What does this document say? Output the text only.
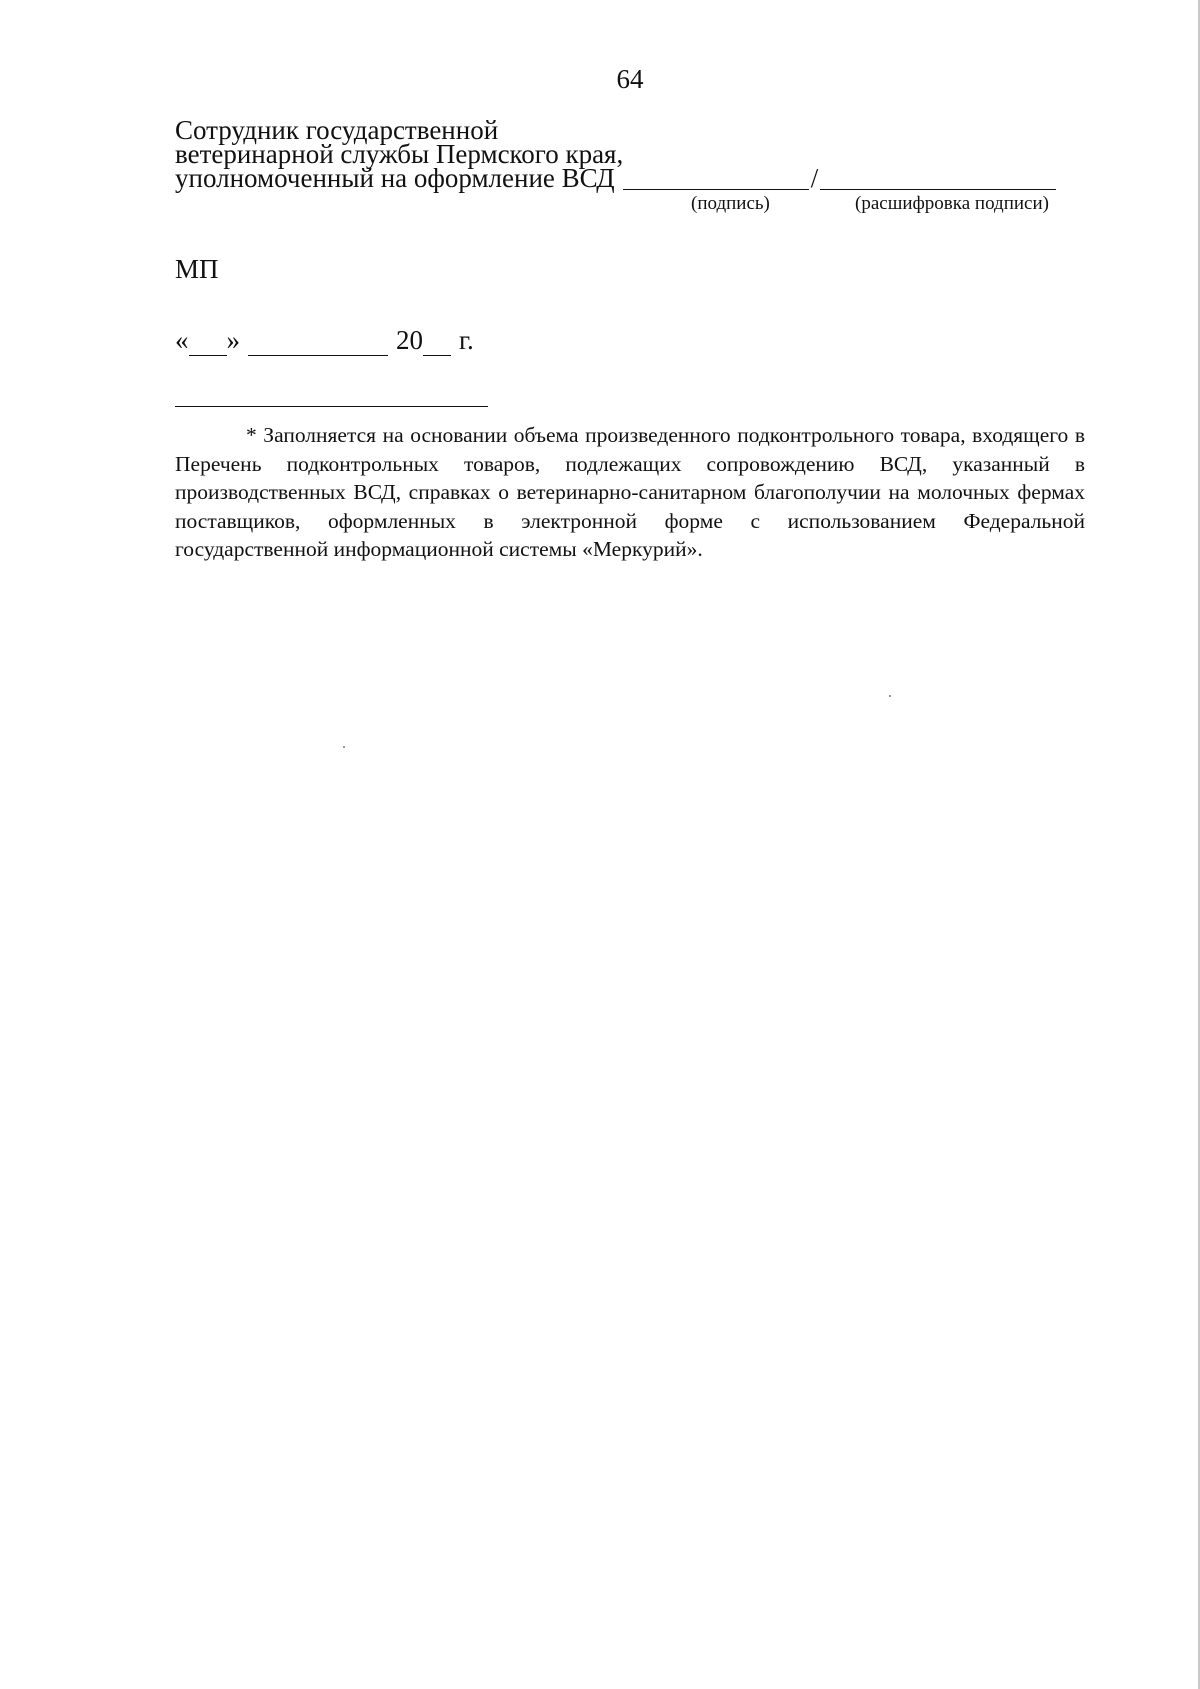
64
Сотрудник государственной
ветеринарной службы Пермского края,
уполномоченный на оформление ВСД	/
(подпись)	(расшифровка подписи)
МП
« »	20 г.
* Заполняется на основании объема произведенного подконтрольного товара, входящего в Перечень подконтрольных товаров, подлежащих сопровождению ВСД, указанный в производственных ВСД, справках о ветеринарно-санитарном благополучии на молочных фермах поставщиков, оформленных в электронной форме с использованием Федеральной государственной информационной системы «Меркурий».
